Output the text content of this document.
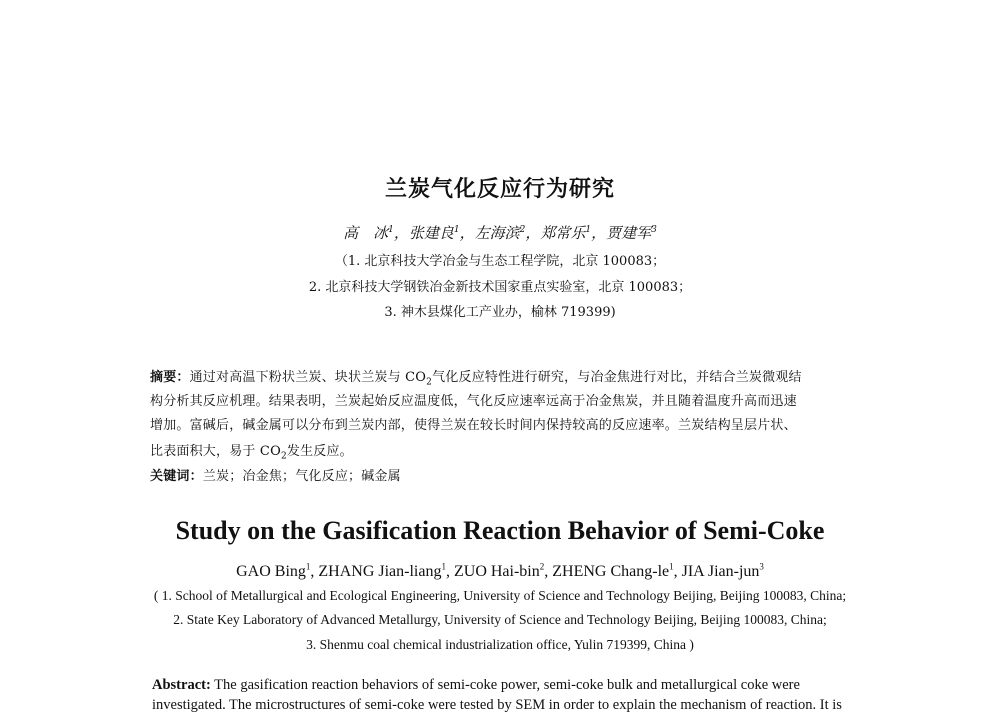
兰炭气化反应行为研究
高　冰$^1$，张建良$^1$，左海滨$^2$，郑常乐$^1$，贾建军$^3$
（1. 北京科技大学冶金与生态工程学院，北京 100083；
2. 北京科技大学钢铁冶金新技术国家重点实验室，北京 100083；
3. 神木县煤化工产业办，榆林 719399)
摘要：通过对高温下粉状兰炭、块状兰炭与 $CO_2$气化反应特性进行研究，与冶金焦进行对比，并结合兰炭微观结
构分析其反应机理。结果表明，兰炭起始反应温度低，气化反应速率远高于冶金焦炭，并且随着温度升高而迅速
增加。富碱后，碱金属可以分布到兰炭内部，使得兰炭在较长时间内保持较高的反应速率。兰炭结构呈层片状、
比表面积大，易于 $CO_2$发生反应。
关键词：兰炭；冶金焦；气化反应；碱金属
Study on the Gasification Reaction Behavior of Semi-Coke
GAO Bing$^1$, ZHANG Jian-liang$^1$, ZUO Hai-bin$^2$, ZHENG Chang-$le^1$, JIA Jian-jun$^3$
( 1. School of Metallurgical and Ecological Engineering, University of Science and Technology Beijing, Beijing 100083, China;
2. State Key Laboratory of Advanced Metallurgy, University of Science and Technology Beijing, Beijing 100083, China;
3. Shenmu coal chemical industrialization office, Yulin 719399, China )
Abstract: The gasification reaction behaviors of semi-coke power, semi-coke bulk and metallurgical coke were
investigated. The microstructures of semi-coke were tested by SEM in order to explain the mechanism of reaction. It is
